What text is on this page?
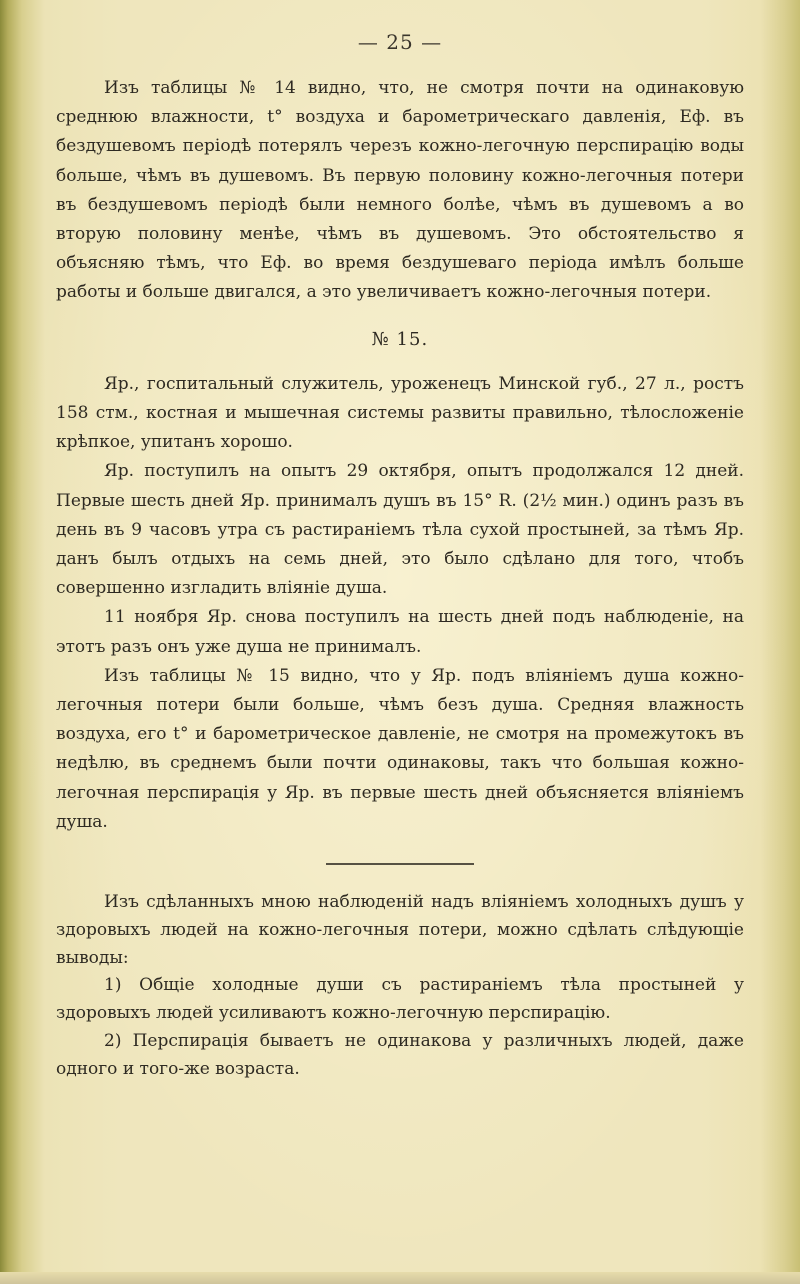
— 25 —

Изъ таблицы № 14 видно, что, не смотря почти на одинаковую среднюю влажности, t° воздуха и барометрическаго давленія, Еф. въ бездушевомъ періодѣ потерялъ черезъ кожно-легочную перспирацію воды больше, чѣмъ въ душевомъ. Въ первую половину кожно-легочныя потери въ бездушевомъ періодѣ были немного болѣе, чѣмъ въ душевомъ а во вторую половину менѣе, чѣмъ въ душевомъ. Это обстоятельство я объясняю тѣмъ, что Еф. во время бездушеваго періода имѣлъ больше работы и больше двигался, а это увеличиваетъ кожно-легочныя потери.

№ 15.

Яр., госпитальный служитель, уроженецъ Минской губ., 27 л., ростъ 158 стм., костная и мышечная системы развиты правильно, тѣлосложеніе крѣпкое, упитанъ хорошо.

Яр. поступилъ на опытъ 29 октября, опытъ продолжался 12 дней. Первые шесть дней Яр. принималъ душъ въ 15° R. (2½ мин.) одинъ разъ въ день въ 9 часовъ утра съ растираніемъ тѣла сухой простыней, за тѣмъ Яр. данъ былъ отдыхъ на семь дней, это было сдѣлано для того, чтобъ совершенно изгладить вліяніе душа.

11 ноября Яр. снова поступилъ на шесть дней подъ наблюденіе, на этотъ разъ онъ уже душа не принималъ.

Изъ таблицы № 15 видно, что у Яр. подъ вліяніемъ душа кожно-легочныя потери были больше, чѣмъ безъ душа. Средняя влажность воздуха, его t° и барометрическое давленіе, не смотря на промежутокъ въ недѣлю, въ среднемъ были почти одинаковы, такъ что большая кожно-легочная перспирація у Яр. въ первые шесть дней объясняется вліяніемъ душа.

Изъ сдѣланныхъ мною наблюденій надъ вліяніемъ холодныхъ душъ у здоровыхъ людей на кожно-легочныя потери, можно сдѣлать слѣдующіе выводы:

1) Общіе холодные души съ растираніемъ тѣла простыней у здоровыхъ людей усиливаютъ кожно-легочную перспирацію.

2) Перспирація бываетъ не одинакова у различныхъ людей, даже одного и того-же возраста.
